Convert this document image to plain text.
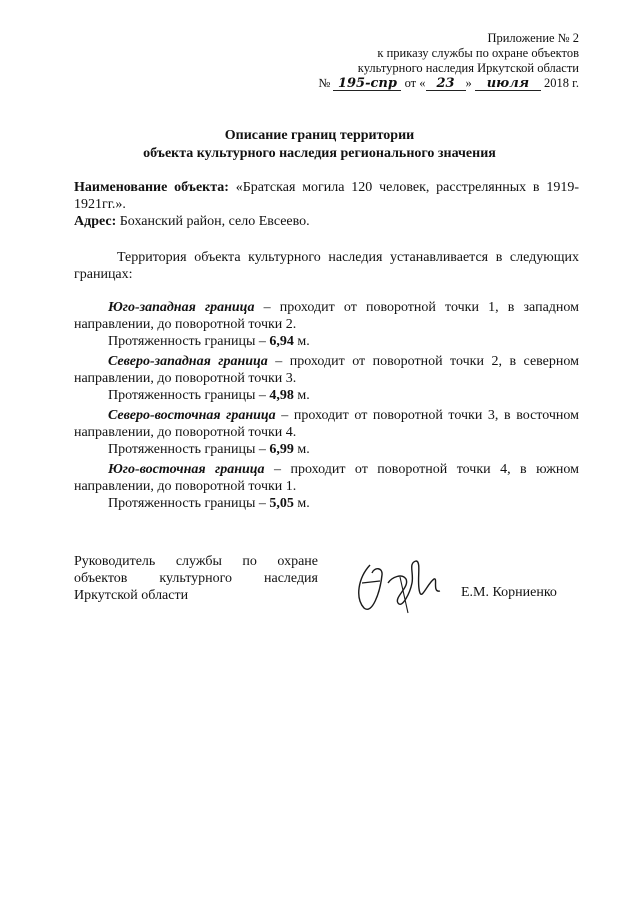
Приложение № 2
к приказу службы по охране объектов
культурного наследия Иркутской области
№ 195-спр от « 23 » июля 2018 г.
Описание границ территории
объекта культурного наследия регионального значения

Наименование объекта: «Братская могила 120 человек, расстрелянных в 1919-1921гг.».

Адрес: Боханский район, село Евсеево.

Территория объекта культурного наследия устанавливается в следующих границах:

Юго-западная граница – проходит от поворотной точки 1, в западном направлении, до поворотной точки 2.

Протяженность границы – 6,94 м.

Северо-западная граница – проходит от поворотной точки 2, в северном направлении, до поворотной точки 3.

Протяженность границы – 4,98 м.

Северо-восточная граница – проходит от поворотной точки 3, в восточном направлении, до поворотной точки 4.

Протяженность границы – 6,99 м.

Юго-восточная граница – проходит от поворотной точки 4, в южном направлении, до поворотной точки 1.

Протяженность границы – 5,05 м.

Руководитель службы по охране
объектов культурного наследия
Иркутской области	Е.М. Корниенко
